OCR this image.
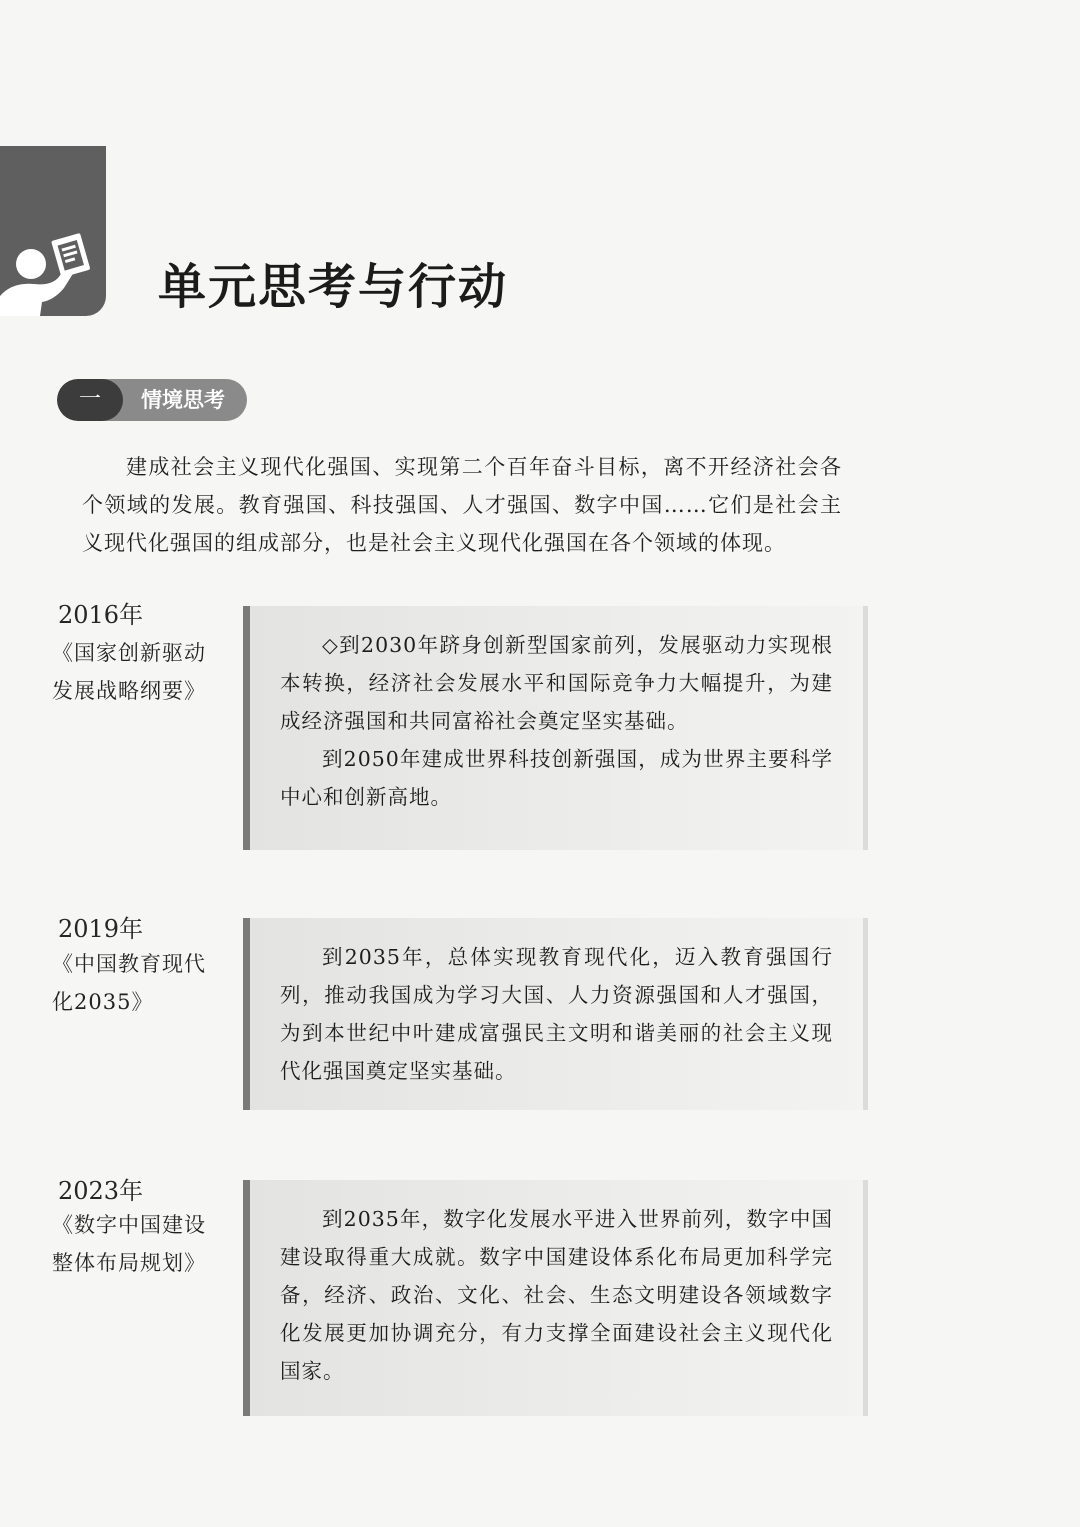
单元思考与行动
一	情境思考

建成社会主义现代化强国、实现第二个百年奋斗目标，离不开经济社会各个领域的发展。教育强国、科技强国、人才强国、数字中国……它们是社会主义现代化强国的组成部分，也是社会主义现代化强国在各个领域的体现。

2016年

《国家创新驱动发展战略纲要》

◇到2030年跻身创新型国家前列，发展驱动力实现根本转换，经济社会发展水平和国际竞争力大幅提升，为建成经济强国和共同富裕社会奠定坚实基础。

到2050年建成世界科技创新强国，成为世界主要科学中心和创新高地。

2019年

《中国教育现代化2035》

到2035年，总体实现教育现代化，迈入教育强国行列，推动我国成为学习大国、人力资源强国和人才强国，为到本世纪中叶建成富强民主文明和谐美丽的社会主义现代化强国奠定坚实基础。

2023年

《数字中国建设整体布局规划》

到2035年，数字化发展水平进入世界前列，数字中国建设取得重大成就。数字中国建设体系化布局更加科学完备，经济、政治、文化、社会、生态文明建设各领域数字化发展更加协调充分，有力支撑全面建设社会主义现代化国家。
